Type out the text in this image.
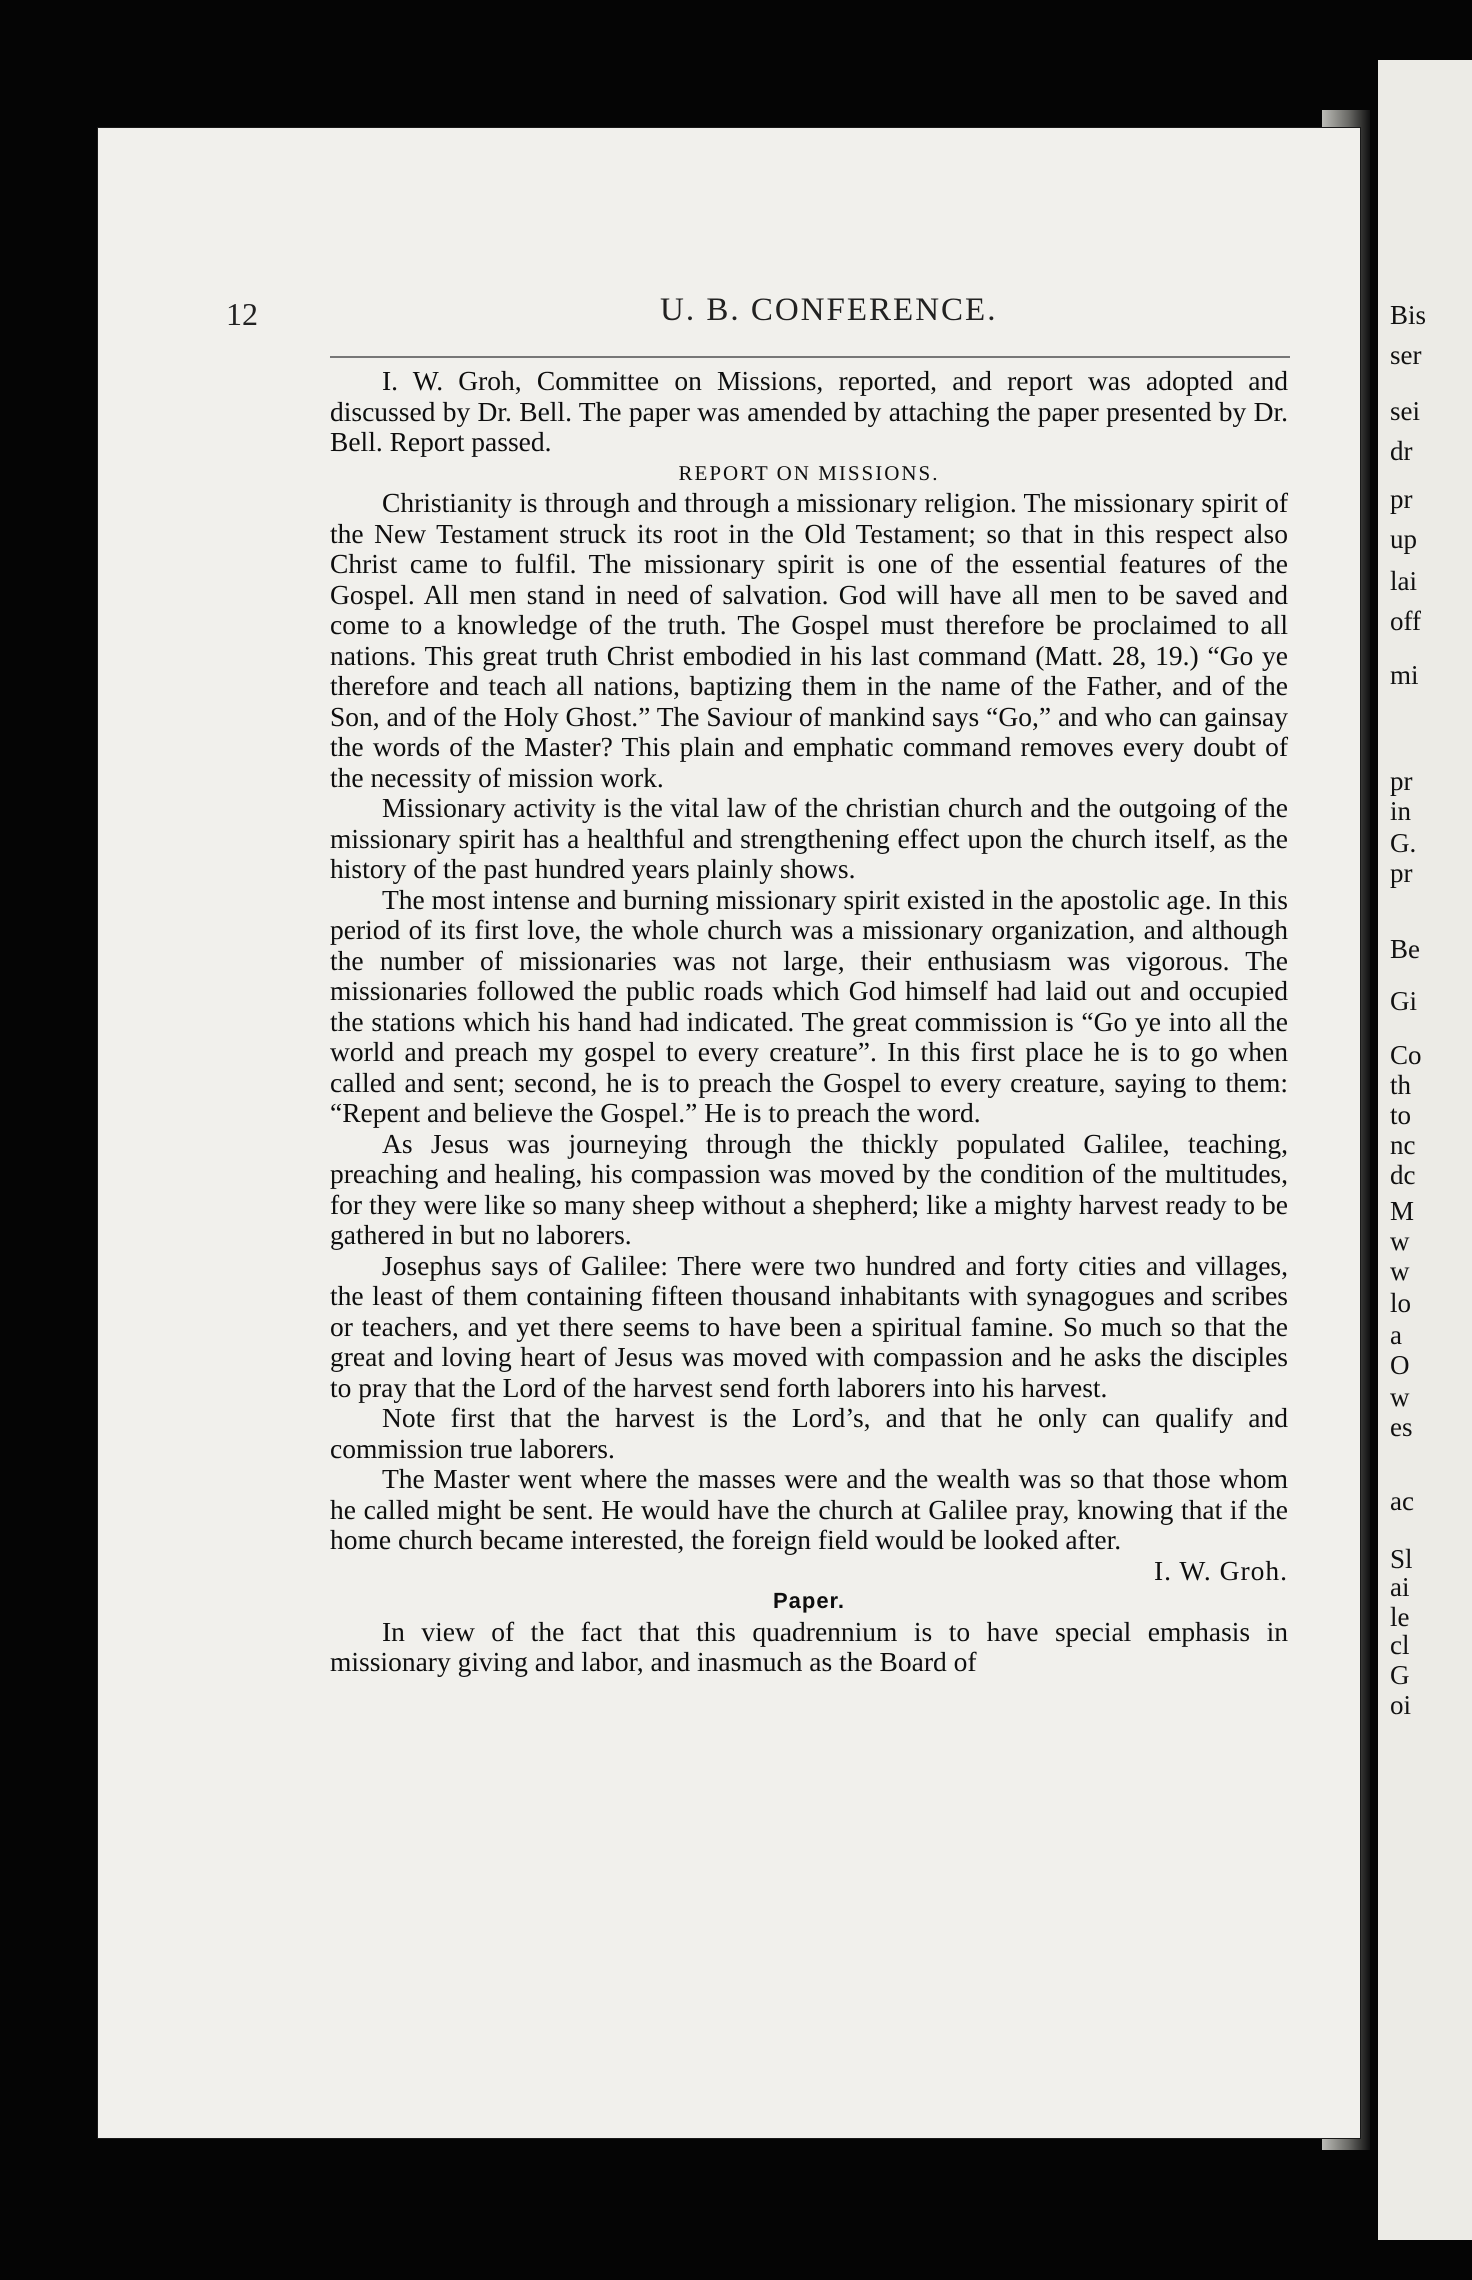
Bis
ser
sei
dr
pr
up
lai
off
mi
pr
in
G.
pr
Be
Gi
Co
th
to
nc
dc
M
w
w
lo
a
O
w
es
ac
Sl
ai
le
cl
G
oi
12	U. B. CONFERENCE.

I. W. Groh, Committee on Missions, reported, and report was adopted and discussed by Dr. Bell. The paper was amended by attaching the paper presented by Dr. Bell. Report passed.

REPORT ON MISSIONS.

Christianity is through and through a missionary religion. The missionary spirit of the New Testament struck its root in the Old Testament; so that in this respect also Christ came to fulfil. The missionary spirit is one of the essential features of the Gospel. All men stand in need of salvation. God will have all men to be saved and come to a knowledge of the truth. The Gospel must therefore be proclaimed to all nations. This great truth Christ embodied in his last command (Matt. 28, 19.) “Go ye therefore and teach all nations, baptizing them in the name of the Father, and of the Son, and of the Holy Ghost.” The Saviour of mankind says “Go,” and who can gainsay the words of the Master? This plain and emphatic command removes every doubt of the necessity of mission work.

Missionary activity is the vital law of the christian church and the outgoing of the missionary spirit has a healthful and strengthening effect upon the church itself, as the history of the past hundred years plainly shows.

The most intense and burning missionary spirit existed in the apostolic age. In this period of its first love, the whole church was a missionary organization, and although the number of missionaries was not large, their enthusiasm was vigorous. The missionaries followed the public roads which God himself had laid out and occupied the stations which his hand had indicated. The great commission is “Go ye into all the world and preach my gospel to every creature”. In this first place he is to go when called and sent; second, he is to preach the Gospel to every creature, saying to them: “Repent and believe the Gospel.” He is to preach the word.

As Jesus was journeying through the thickly populated Galilee, teaching, preaching and healing, his compassion was moved by the condition of the multitudes, for they were like so many sheep without a shepherd; like a mighty harvest ready to be gathered in but no laborers.

Josephus says of Galilee: There were two hundred and forty cities and villages, the least of them containing fifteen thousand inhabitants with synagogues and scribes or teachers, and yet there seems to have been a spiritual famine. So much so that the great and loving heart of Jesus was moved with compassion and he asks the disciples to pray that the Lord of the harvest send forth laborers into his harvest.

Note first that the harvest is the Lord’s, and that he only can qualify and commission true laborers.

The Master went where the masses were and the wealth was so that those whom he called might be sent. He would have the church at Galilee pray, knowing that if the home church became interested, the foreign field would be looked after.

I. W. Groh.

Paper.

In view of the fact that this quadrennium is to have special emphasis in missionary giving and labor, and inasmuch as the Board of
